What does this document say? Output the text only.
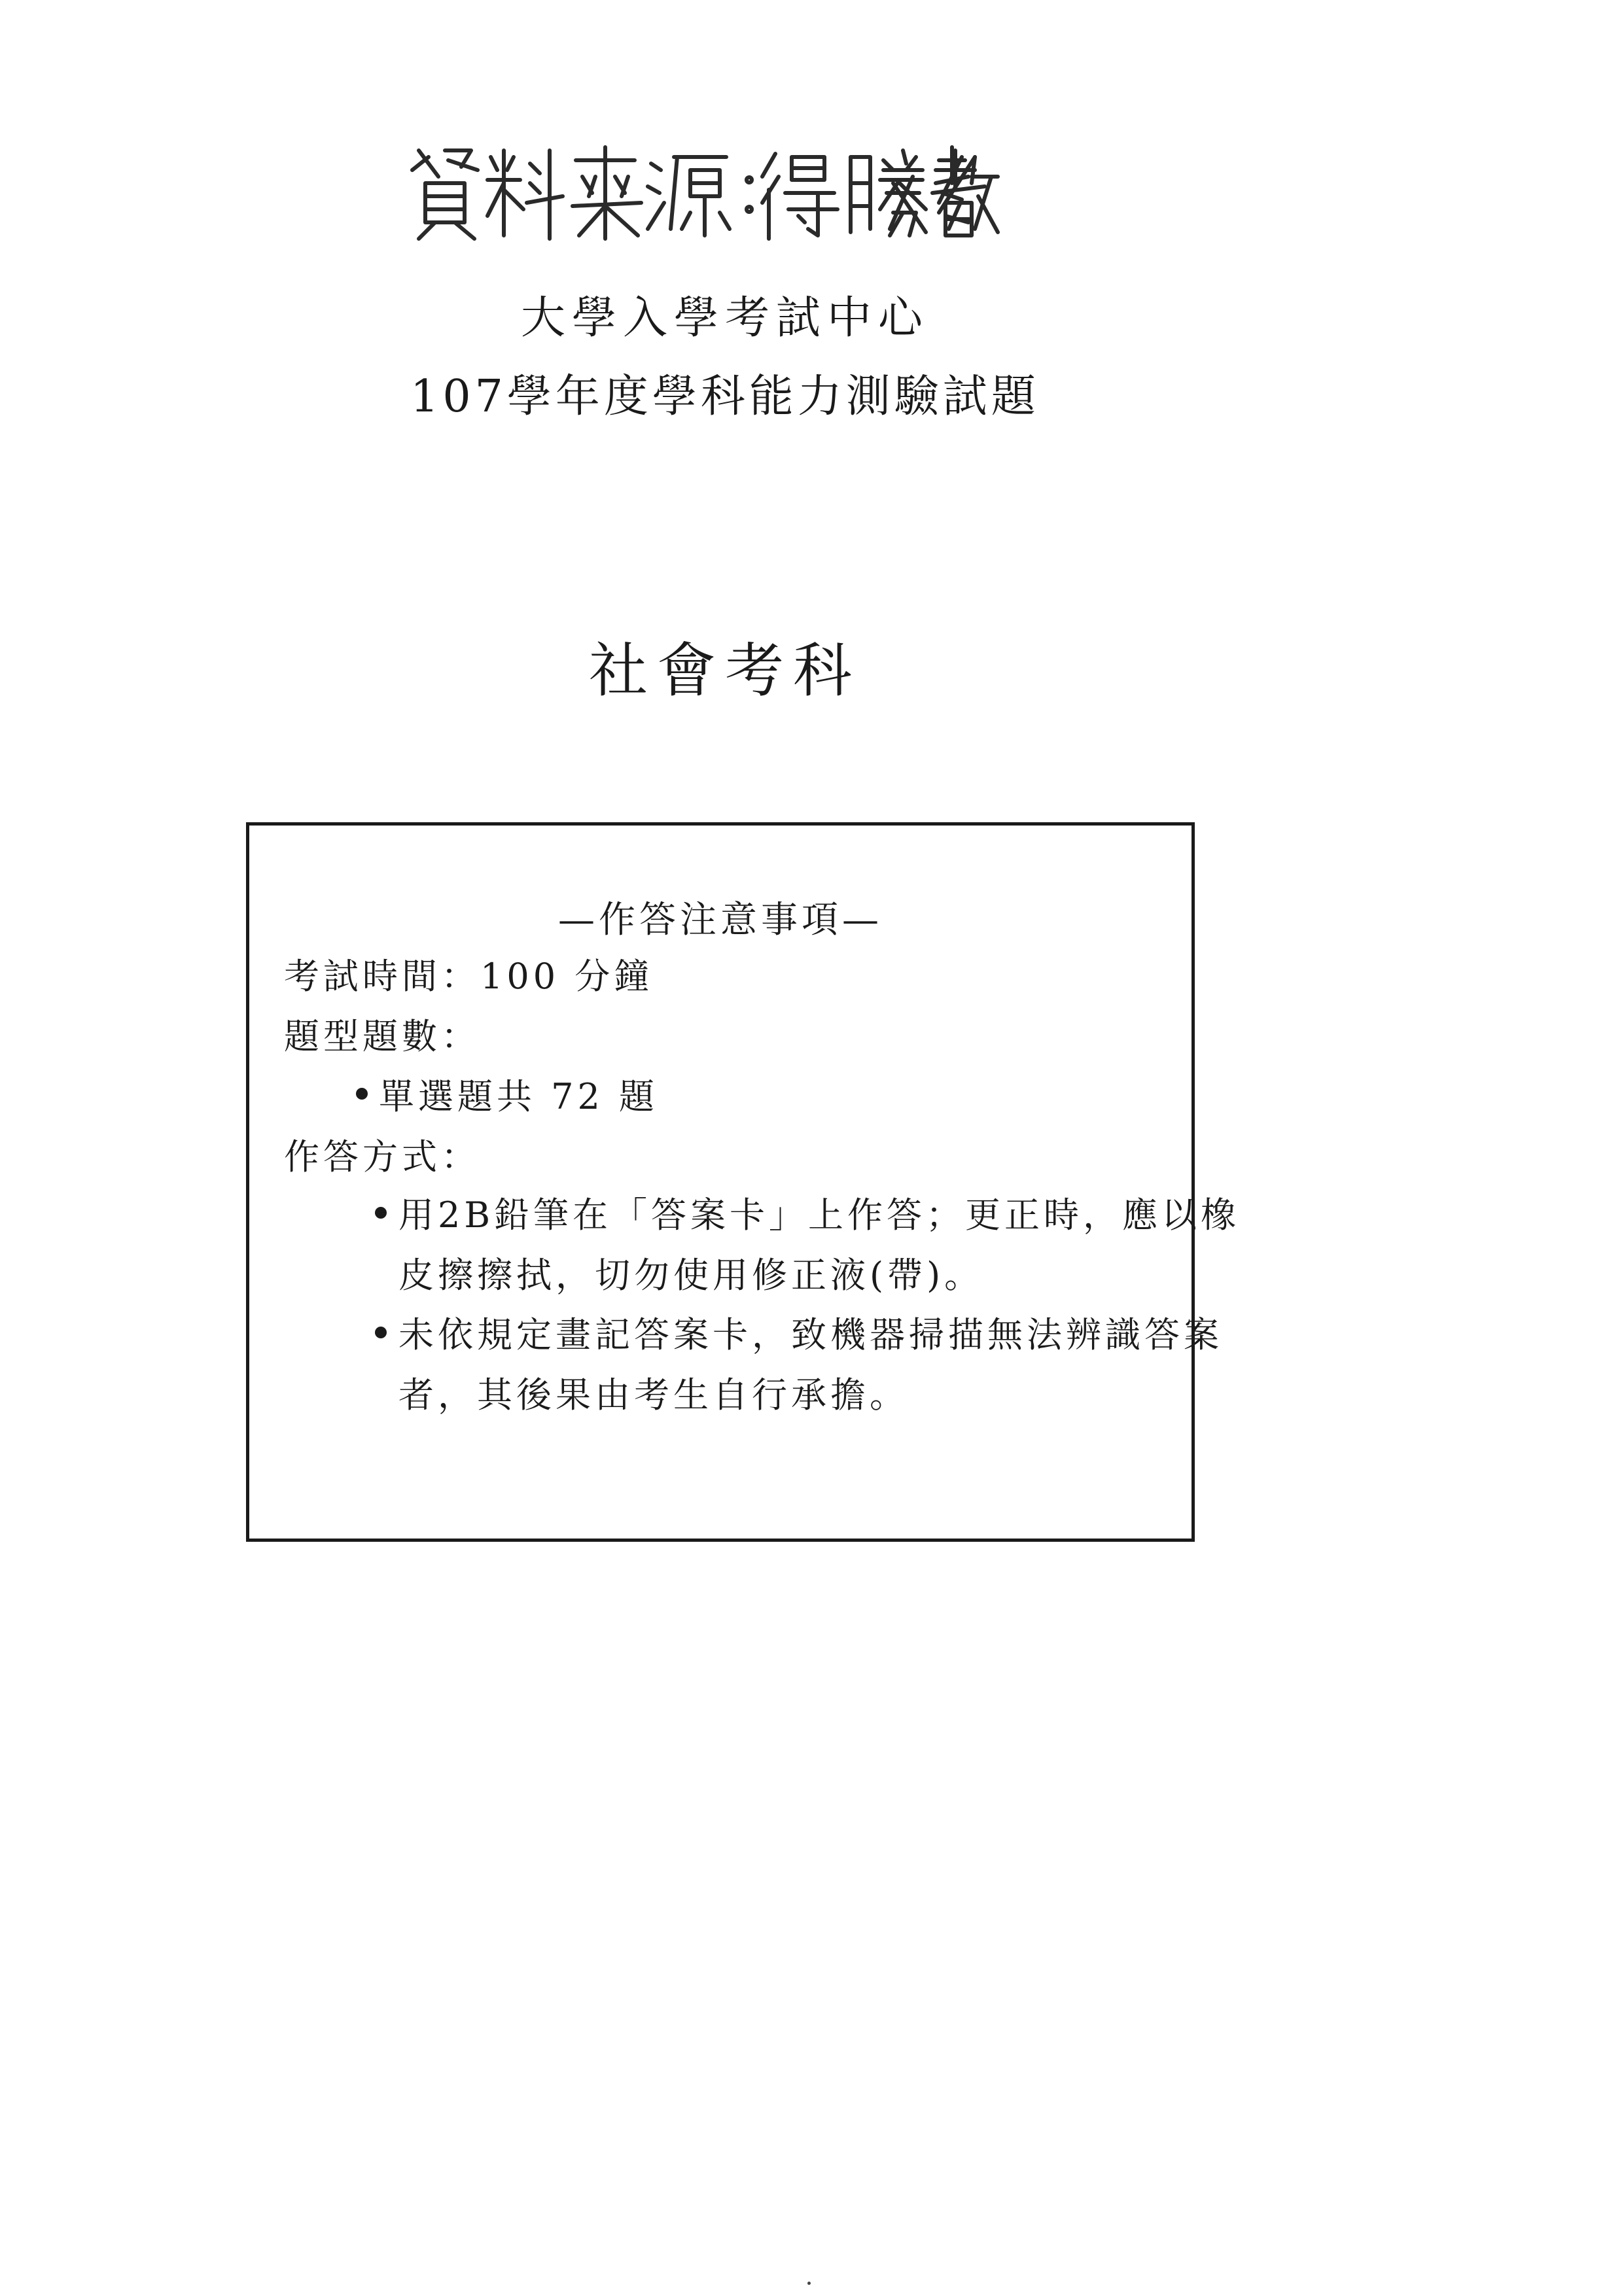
大學入學考試中心
107學年度學科能力測驗試題
社會考科
—作答注意事項—
考試時間：100 分鐘
題型題數：
單選題共 72 題
作答方式：
用2B鉛筆在「答案卡」上作答；更正時，應以橡
皮擦擦拭，切勿使用修正液(帶)。
未依規定畫記答案卡，致機器掃描無法辨識答案
者，其後果由考生自行承擔。
